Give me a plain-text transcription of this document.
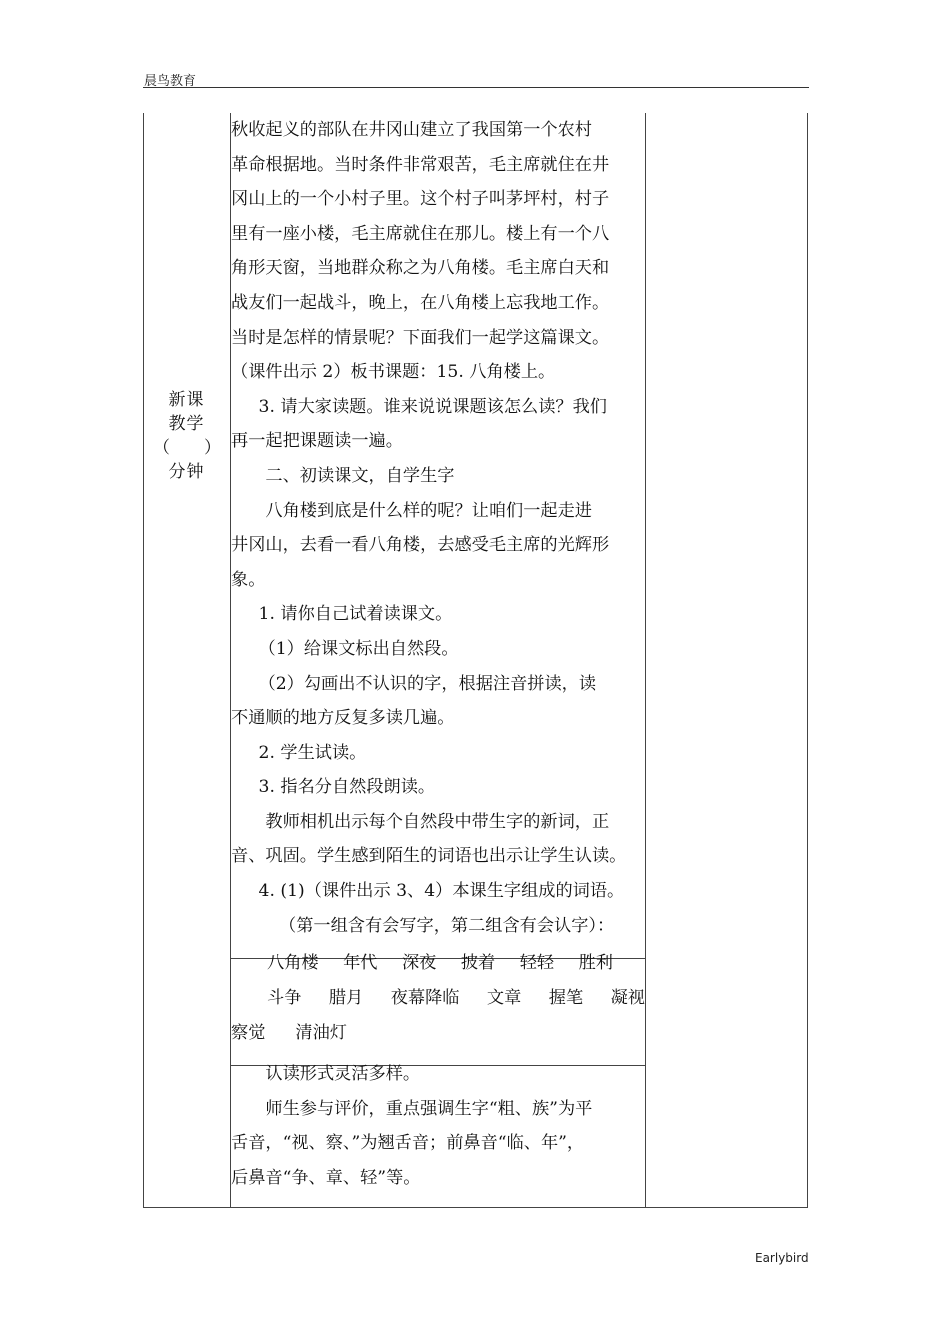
晨鸟教育
新课
教学
（ ）
分钟
秋收起义的部队在井冈山建立了我国第一个农村
革命根据地。当时条件非常艰苦，毛主席就住在井
冈山上的一个小村子里。这个村子叫茅坪村，村子
里有一座小楼，毛主席就住在那儿。楼上有一个八
角形天窗，当地群众称之为八角楼。毛主席白天和
战友们一起战斗，晚上，在八角楼上忘我地工作。
当时是怎样的情景呢？下面我们一起学这篇课文。
（课件出示 2）板书课题：15. 八角楼上。
3. 请大家读题。谁来说说课题该怎么读？我们
再一起把课题读一遍。
二、初读课文，自学生字
八角楼到底是什么样的呢？让咱们一起走进
井冈山，去看一看八角楼，去感受毛主席的光辉形
象。
1. 请你自己试着读课文。
（1）给课文标出自然段。
（2）勾画出不认识的字，根据注音拼读，读
不通顺的地方反复多读几遍。
2. 学生试读。
3. 指名分自然段朗读。
教师相机出示每个自然段中带生字的新词，正
音、巩固。学生感到陌生的词语也出示让学生认读。
4. (1)（课件出示 3、4）本课生字组成的词语。
（第一组含有会写字，第二组含有会认字）：
八角楼 年代 深夜 披着 轻轻 胜利
斗争 腊月 夜幕降临 文章 握笔 凝视
察觉 清油灯
认读形式灵活多样。
师生参与评价，重点强调生字“粗、族”为平
舌音，“视、察、”为翘舌音；前鼻音“临、年”，
后鼻音“争、章、轻”等。
Earlybird
